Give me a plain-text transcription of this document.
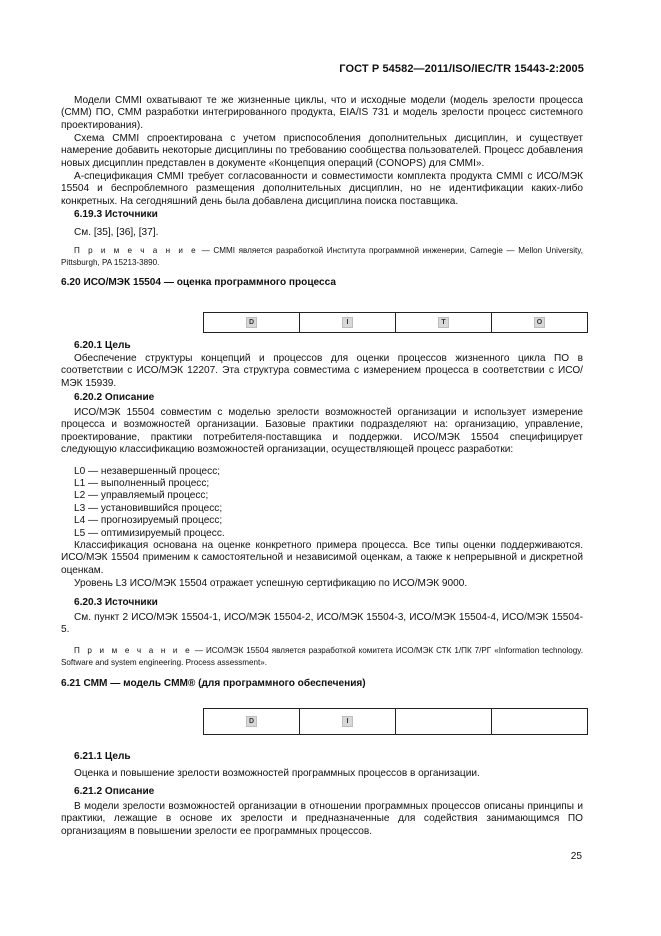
ГОСТ Р 54582—2011/ISO/IEC/TR 15443-2:2005
Модели CMMI охватывают те же жизненные циклы, что и исходные модели (модель зрелости процесса (СММ) ПО, СММ разработки интегрированного продукта, EIA/IS 731 и модель зрелости процесс системного проектирования).
Схема CMMI спроектирована с учетом приспособления дополнительных дисциплин, и существует намерение добавить некоторые дисциплины по требованию сообщества пользователей. Процесс добавления новых дисциплин представлен в документе «Концепция операций (CONOPS) для CMMI».
А-спецификация CMMI требует согласованности и совместимости комплекта продукта CMMI с ИСО/МЭК 15504 и беспроблемного размещения дополнительных дисциплин, но не идентификации каких-либо конкретных. На сегодняшний день была добавлена дисциплина поиска поставщика.
6.19.3 Источники
См. [35], [36], [37].
П р и м е ч а н и е — CMMI является разработкой Института программной инженерии, Carnegie — Mellon University, Pittsburgh, PA 15213-3890.
6.20 ИСО/МЭК 15504 — оценка программного процесса
D	I	T	O
6.20.1 Цель
Обеспечение структуры концепций и процессов для оценки процессов жизненного цикла ПО в соответствии с ИСО/МЭК 12207. Эта структура совместима с измерением процесса в соответствии с ИСО/МЭК 15939.
6.20.2 Описание
ИСО/МЭК 15504 совместим с моделью зрелости возможностей организации и использует измерение процесса и возможностей организации. Базовые практики подразделяют на: организацию, управление, проектирование, практики потребителя-поставщика и поддержки. ИСО/МЭК 15504 специфицирует следующую классификацию возможностей организации, осуществляющей процесс разработки:
L0 — незавершенный процесс;
L1 — выполненный процесс;
L2 — управляемый процесс;
L3 — установившийся процесс;
L4 — прогнозируемый процесс;
L5 — оптимизируемый процесс.
Классификация основана на оценке конкретного примера процесса. Все типы оценки поддерживаются. ИСО/МЭК 15504 применим к самостоятельной и независимой оценкам, а также к непрерывной и дискретной оценкам.
Уровень L3 ИСО/МЭК 15504 отражает успешную сертификацию по ИСО/МЭК 9000.
6.20.3 Источники
См. пункт 2 ИСО/МЭК 15504-1, ИСО/МЭК 15504-2, ИСО/МЭК 15504-3, ИСО/МЭК 15504-4, ИСО/МЭК 15504-5.
П р и м е ч а н и е — ИСО/МЭК 15504 является разработкой комитета ИСО/МЭК СТК 1/ПК 7/РГ «Information technology. Software and system engineering. Process assessment».
6.21 СММ — модель СММ® (для программного обеспечения)
D	I		
6.21.1 Цель
Оценка и повышение зрелости возможностей программных процессов в организации.
6.21.2 Описание
В модели зрелости возможностей организации в отношении программных процессов описаны принципы и практики, лежащие в основе их зрелости и предназначенные для содействия занимающимся ПО организациям в повышении зрелости ее программных процессов.
25
